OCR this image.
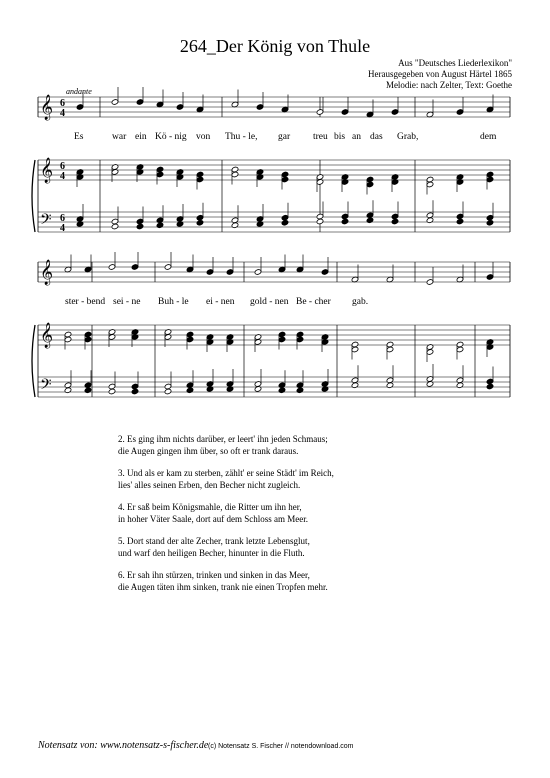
264_Der König von Thule
Aus "Deutsches Liederlexikon"
Herausgegeben von August Härtel 1865
Melodie: nach Zelter, Text: Goethe
andante
𝄞
𝄞
𝄢
6
4
6
4
6
4
𝄞
𝄞
𝄢
Es	war ein Kö - nig von Thu - le, gar treu bis an das Grab,	dem
ster - bend sei - ne Buh - le ei - nen gold - nen Be - cher gab.
2. Es ging ihm nichts darüber, er leert' ihn jeden Schmaus;
die Augen gingen ihm über, so oft er trank daraus.
3. Und als er kam zu sterben, zählt' er seine Städt' im Reich,
lies' alles seinen Erben, den Becher nicht zugleich.
4. Er saß beim Königsmahle, die Ritter um ihn her,
in hoher Väter Saale, dort auf dem Schloss am Meer.
5. Dort stand der alte Zecher, trank letzte Lebensglut,
und warf den heiligen Becher, hinunter in die Fluth.
6. Er sah ihn stürzen, trinken und sinken in das Meer,
die Augen täten ihm sinken, trank nie einen Tropfen mehr.
Notensatz von: www.notensatz-s-fischer.de (c) Notensatz S. Fischer // notendownload.com
